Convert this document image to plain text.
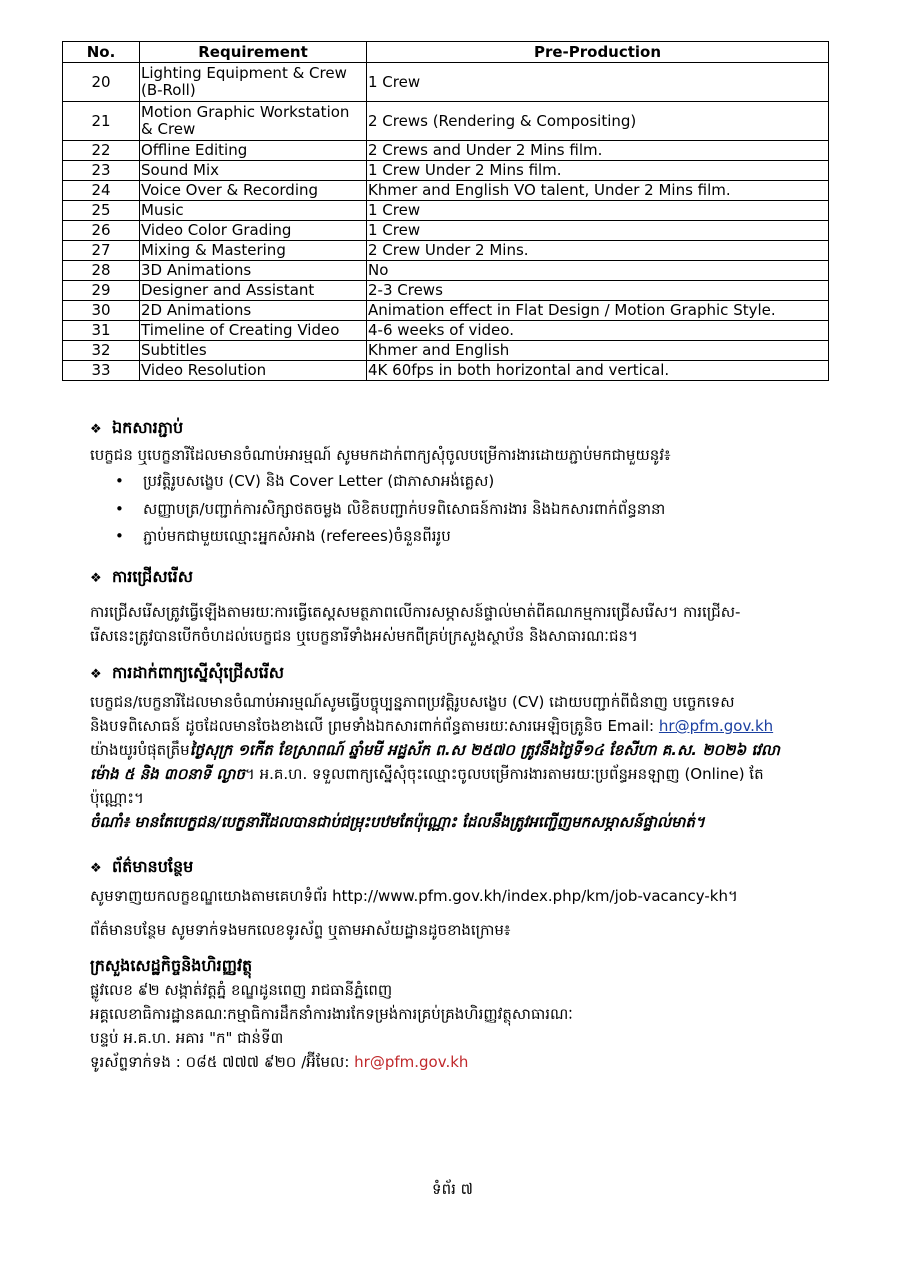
No.	Requirement	Pre-Production
20	Lighting Equipment & Crew (B-Roll)	1 Crew
21	Motion Graphic Workstation & Crew	2 Crews (Rendering & Compositing)
22	Offline Editing	2 Crews and Under 2 Mins film.
23	Sound Mix	1 Crew Under 2 Mins film.
24	Voice Over & Recording	Khmer and English VO talent, Under 2 Mins film.
25	Music	1 Crew
26	Video Color Grading	1 Crew
27	Mixing & Mastering	2 Crew Under 2 Mins.
28	3D Animations	No
29	Designer and Assistant	2-3 Crews
30	2D Animations	Animation effect in Flat Design / Motion Graphic Style.
31	Timeline of Creating Video	4-6 weeks of video.
32	Subtitles	Khmer and English
33	Video Resolution	4K 60fps in both horizontal and vertical.
❖ ឯកសារភ្ជាប់
បេក្ខជន ឬបេក្ខនារីដែលមានចំណាប់អារម្មណ៍ សូមមកដាក់ពាក្យសុំចូលបម្រើការងារដោយភ្ជាប់មកជាមួយនូវ៖
• ប្រវត្តិរូបសង្ខេប (CV) និង Cover Letter (ជាភាសាអង់គ្លេស)
• សញ្ញាបត្រ/បញ្ជាក់ការសិក្សាថតចម្លង លិខិតបញ្ជាក់បទពិសោធន៍ការងារ និងឯកសារពាក់ព័ន្ធនានា
• ភ្ជាប់មកជាមួយឈ្មោះអ្នកសំអាង (referees)ចំនួនពីររូប
❖ ការជ្រើសរើស
ការជ្រើសរើសត្រូវធ្វើឡើងតាមរយៈការធ្វើតេស្តសមត្ថភាពលើការសម្ភាសន៍ផ្ទាល់មាត់ពីគណកម្មការជ្រើសរើស។ ការជ្រើស-
រើសនេះត្រូវបានបើកចំហដល់បេក្ខជន ឬបេក្ខនារីទាំងអស់មកពីគ្រប់ក្រសួងស្ថាប័ន និងសាធារណៈជន។
❖ ការដាក់ពាក្យស្នើសុំជ្រើសរើស
បេក្ខជន/បេក្ខនារីដែលមានចំណាប់អារម្មណ៍សូមធ្វើបច្ចុប្បន្នភាពប្រវត្តិរូបសង្ខេប (CV) ដោយបញ្ជាក់ពីជំនាញ បច្ចេកទេស
និងបទពិសោធន៍ ដូចដែលមានចែងខាងលើ ព្រមទាំងឯកសារពាក់ព័ន្ធតាមរយៈសារអេឡិចត្រូនិច Email: hr@pfm.gov.kh
យ៉ាងយូរបំផុតត្រឹមថ្ងៃសុក្រ ១កើត ខែស្រាពណ៍ ឆ្នាំមមី អដ្ឋស័ក ព.ស ២៥៧០ ត្រូវនឹងថ្ងៃទី១៤ ខែសីហា គ.ស. ២០២៦ វេលា
ម៉ោង ៥ និង ៣០នាទី ល្ងាច។ អ.គ.ហ. ទទួលពាក្យស្នើសុំចុះឈ្មោះចូលបម្រើការងារតាមរយៈប្រព័ន្ធអនឡាញ (Online) តែ
ប៉ុណ្ណោះ។
ចំណាំ៖ មានតែបេក្ខជន/បេក្ខនារីដែលបានជាប់ជម្រុះបឋមតែប៉ុណ្ណោះ ដែលនឹងត្រូវអញ្ជើញមកសម្ភាសន៍ផ្ទាល់មាត់។
❖ ព័ត៌មានបន្ថែម
សូមទាញយកលក្ខខណ្ឌយោងតាមគេហទំព័រ http://www.pfm.gov.kh/index.php/km/job-vacancy-kh។
ព័ត៌មានបន្ថែម សូមទាក់ទងមកលេខទូរស័ព្ទ ឬតាមអាស័យដ្ឋានដូចខាងក្រោម៖
ក្រសួងសេដ្ឋកិច្ចនិងហិរញ្ញវត្ថុ
ផ្លូវលេខ ៩២ សង្កាត់វត្តភ្នំ ខណ្ឌដូនពេញ រាជធានីភ្នំពេញ
អគ្គលេខាធិការដ្ឋានគណៈកម្មាធិការដឹកនាំការងារកែទម្រង់ការគ្រប់គ្រងហិរញ្ញវត្ថុសាធារណៈ
បន្ទប់ អ.គ.ហ. អគារ "ក" ជាន់ទី៣
ទូរស័ព្ទទាក់ទង : ០៨៥ ៧៧៧ ៩២០ /អ៊ីមែល: hr@pfm.gov.kh
ទំព័រ ៧
